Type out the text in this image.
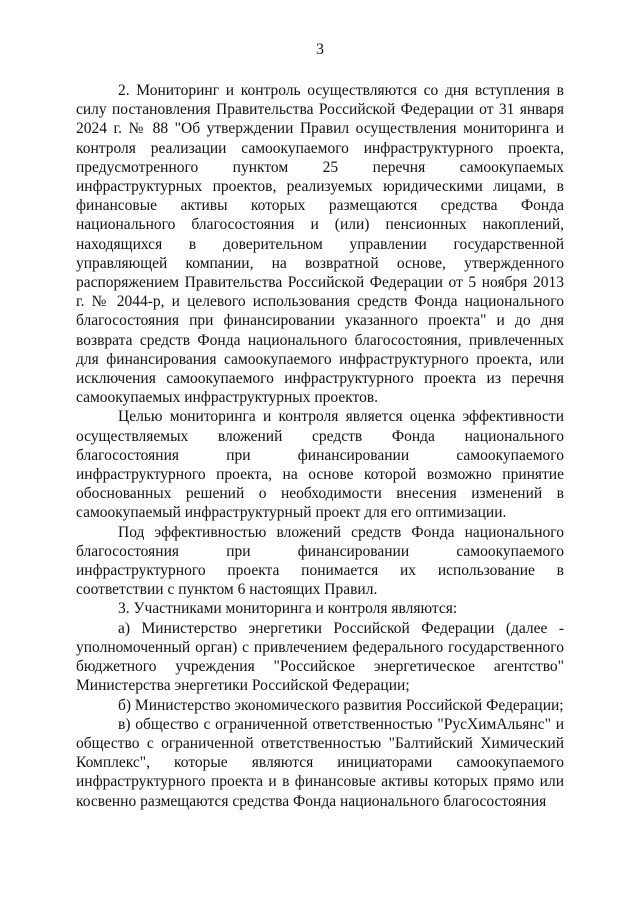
3

2. Мониторинг и контроль осуществляются со дня вступления в силу постановления Правительства Российской Федерации от 31 января 2024 г. № 88 "Об утверждении Правил осуществления мониторинга и контроля реализации самоокупаемого инфраструктурного проекта, предусмотренного пунктом 25 перечня самоокупаемых инфраструктурных проектов, реализуемых юридическими лицами, в финансовые активы которых размещаются средства Фонда национального благосостояния и (или) пенсионных накоплений, находящихся в доверительном управлении государственной управляющей компании, на возвратной основе, утвержденного распоряжением Правительства Российской Федерации от 5 ноября 2013 г. № 2044-р, и целевого использования средств Фонда национального благосостояния при финансировании указанного проекта" и до дня возврата средств Фонда национального благосостояния, привлеченных для финансирования самоокупаемого инфраструктурного проекта, или исключения самоокупаемого инфраструктурного проекта из перечня самоокупаемых инфраструктурных проектов.

Целью мониторинга и контроля является оценка эффективности осуществляемых вложений средств Фонда национального благосостояния при финансировании самоокупаемого инфраструктурного проекта, на основе которой возможно принятие обоснованных решений о необходимости внесения изменений в самоокупаемый инфраструктурный проект для его оптимизации.

Под эффективностью вложений средств Фонда национального благосостояния при финансировании самоокупаемого инфраструктурного проекта понимается их использование в соответствии с пунктом 6 настоящих Правил.

3. Участниками мониторинга и контроля являются:

а) Министерство энергетики Российской Федерации (далее - уполномоченный орган) с привлечением федерального государственного бюджетного учреждения "Российское энергетическое агентство" Министерства энергетики Российской Федерации;

б) Министерство экономического развития Российской Федерации;

в) общество с ограниченной ответственностью "РусХимАльянс" и общество с ограниченной ответственностью "Балтийский Химический Комплекс", которые являются инициаторами самоокупаемого инфраструктурного проекта и в финансовые активы которых прямо или косвенно размещаются средства Фонда национального благосостояния
